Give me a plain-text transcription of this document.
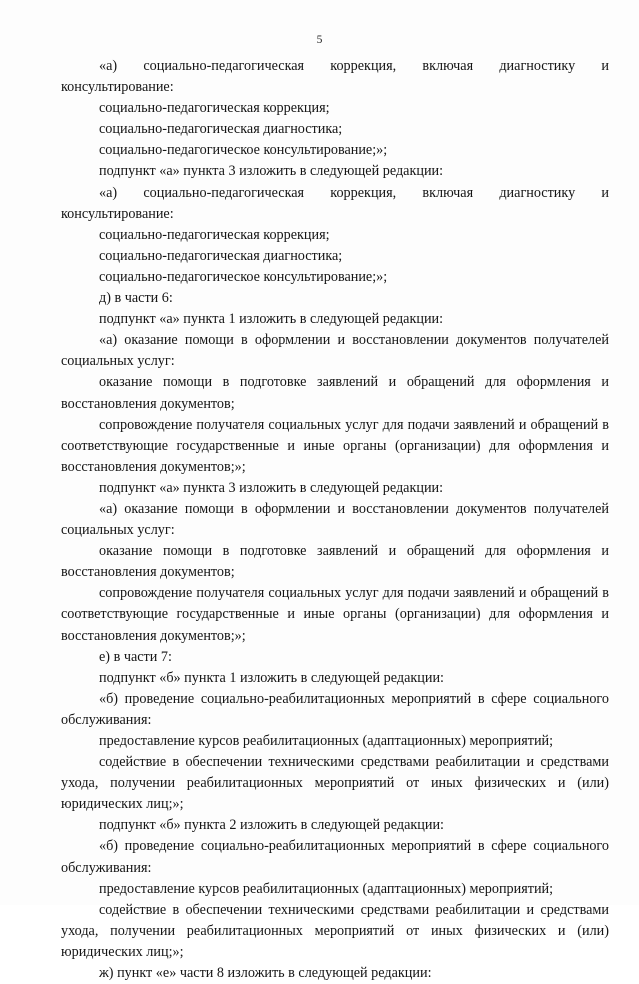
5

«а) социально-педагогическая коррекция, включая диагностику и консультирование:

социально-педагогическая коррекция;

социально-педагогическая диагностика;

социально-педагогическое консультирование;»;

подпункт «а» пункта 3 изложить в следующей редакции:

«а) социально-педагогическая коррекция, включая диагностику и консультирование:

социально-педагогическая коррекция;

социально-педагогическая диагностика;

социально-педагогическое консультирование;»;

д) в части 6:

подпункт «а» пункта 1 изложить в следующей редакции:

«а) оказание помощи в оформлении и восстановлении документов получателей социальных услуг:

оказание помощи в подготовке заявлений и обращений для оформления и восстановления документов;

сопровождение получателя социальных услуг для подачи заявлений и обращений в соответствующие государственные и иные органы (организации) для оформления и восстановления документов;»;

подпункт «а» пункта 3 изложить в следующей редакции:

«а) оказание помощи в оформлении и восстановлении документов получателей социальных услуг:

оказание помощи в подготовке заявлений и обращений для оформления и восстановления документов;

сопровождение получателя социальных услуг для подачи заявлений и обращений в соответствующие государственные и иные органы (организации) для оформления и восстановления документов;»;

е) в части 7:

подпункт «б» пункта 1 изложить в следующей редакции:

«б) проведение социально-реабилитационных мероприятий в сфере социального обслуживания:

предоставление курсов реабилитационных (адаптационных) мероприятий;

содействие в обеспечении техническими средствами реабилитации и средствами ухода, получении реабилитационных мероприятий от иных физических и (или) юридических лиц;»;

подпункт «б» пункта 2 изложить в следующей редакции:

«б) проведение социально-реабилитационных мероприятий в сфере социального обслуживания:

предоставление курсов реабилитационных (адаптационных) мероприятий;

содействие в обеспечении техническими средствами реабилитации и средствами ухода, получении реабилитационных мероприятий от иных физических и (или) юридических лиц;»;

ж) пункт «е» части 8 изложить в следующей редакции:
